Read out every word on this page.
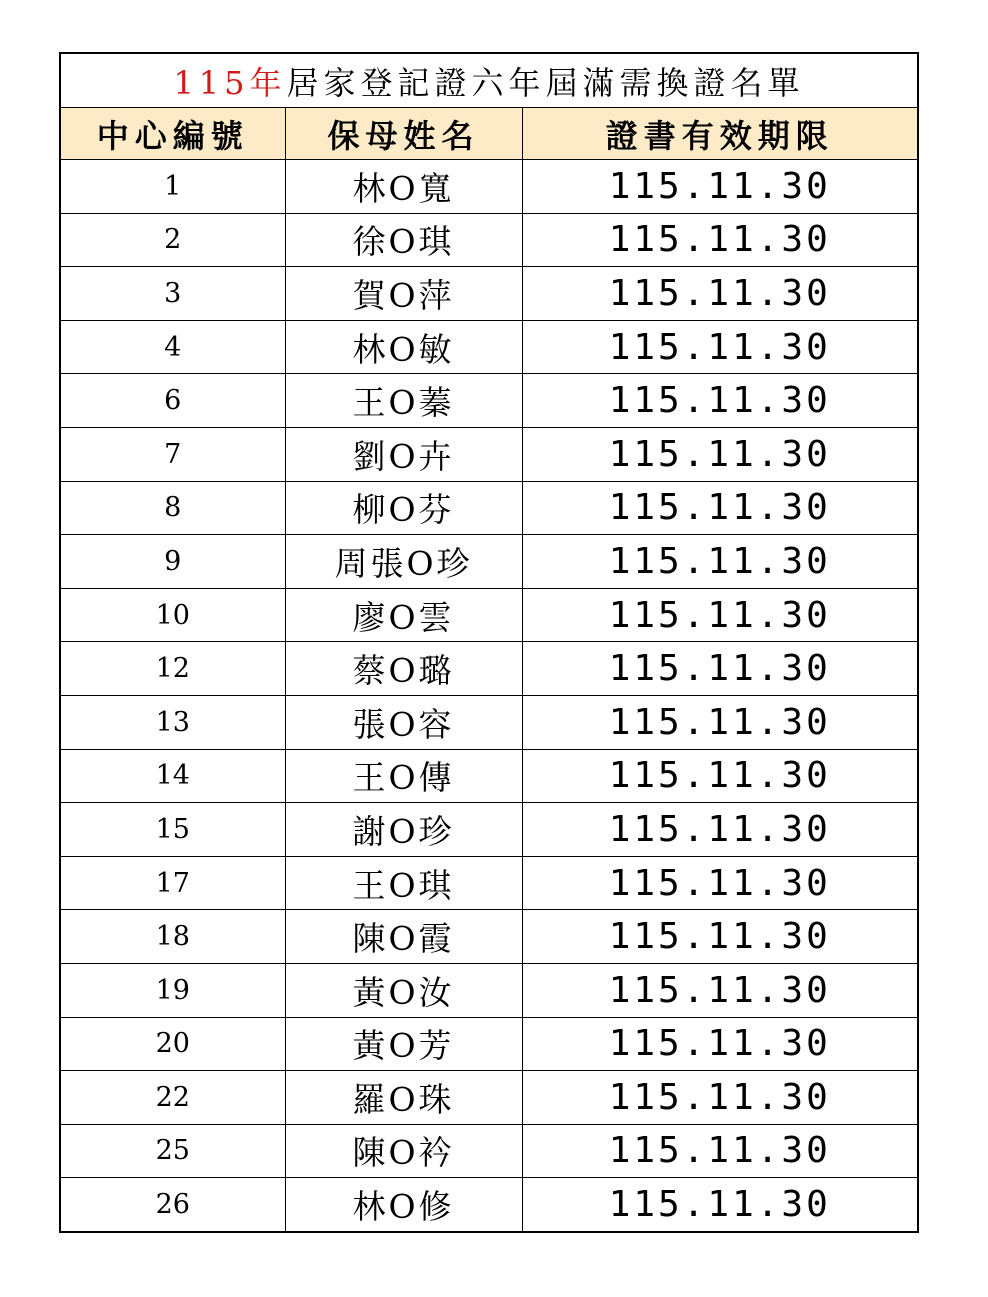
115年 居家登記證六年屆滿需換證名單
中心編號	保母姓名	證書有效期限
1	林O寬	115.11.30
2	徐O琪	115.11.30
3	賀O萍	115.11.30
4	林O敏	115.11.30
6	王O蓁	115.11.30
7	劉O卉	115.11.30
8	柳O芬	115.11.30
9	周張O珍	115.11.30
10	廖O雲	115.11.30
12	蔡O璐	115.11.30
13	張O容	115.11.30
14	王O傳	115.11.30
15	謝O珍	115.11.30
17	王O琪	115.11.30
18	陳O霞	115.11.30
19	黃O汝	115.11.30
20	黃O芳	115.11.30
22	羅O珠	115.11.30
25	陳O衿	115.11.30
26	林O修	115.11.30
